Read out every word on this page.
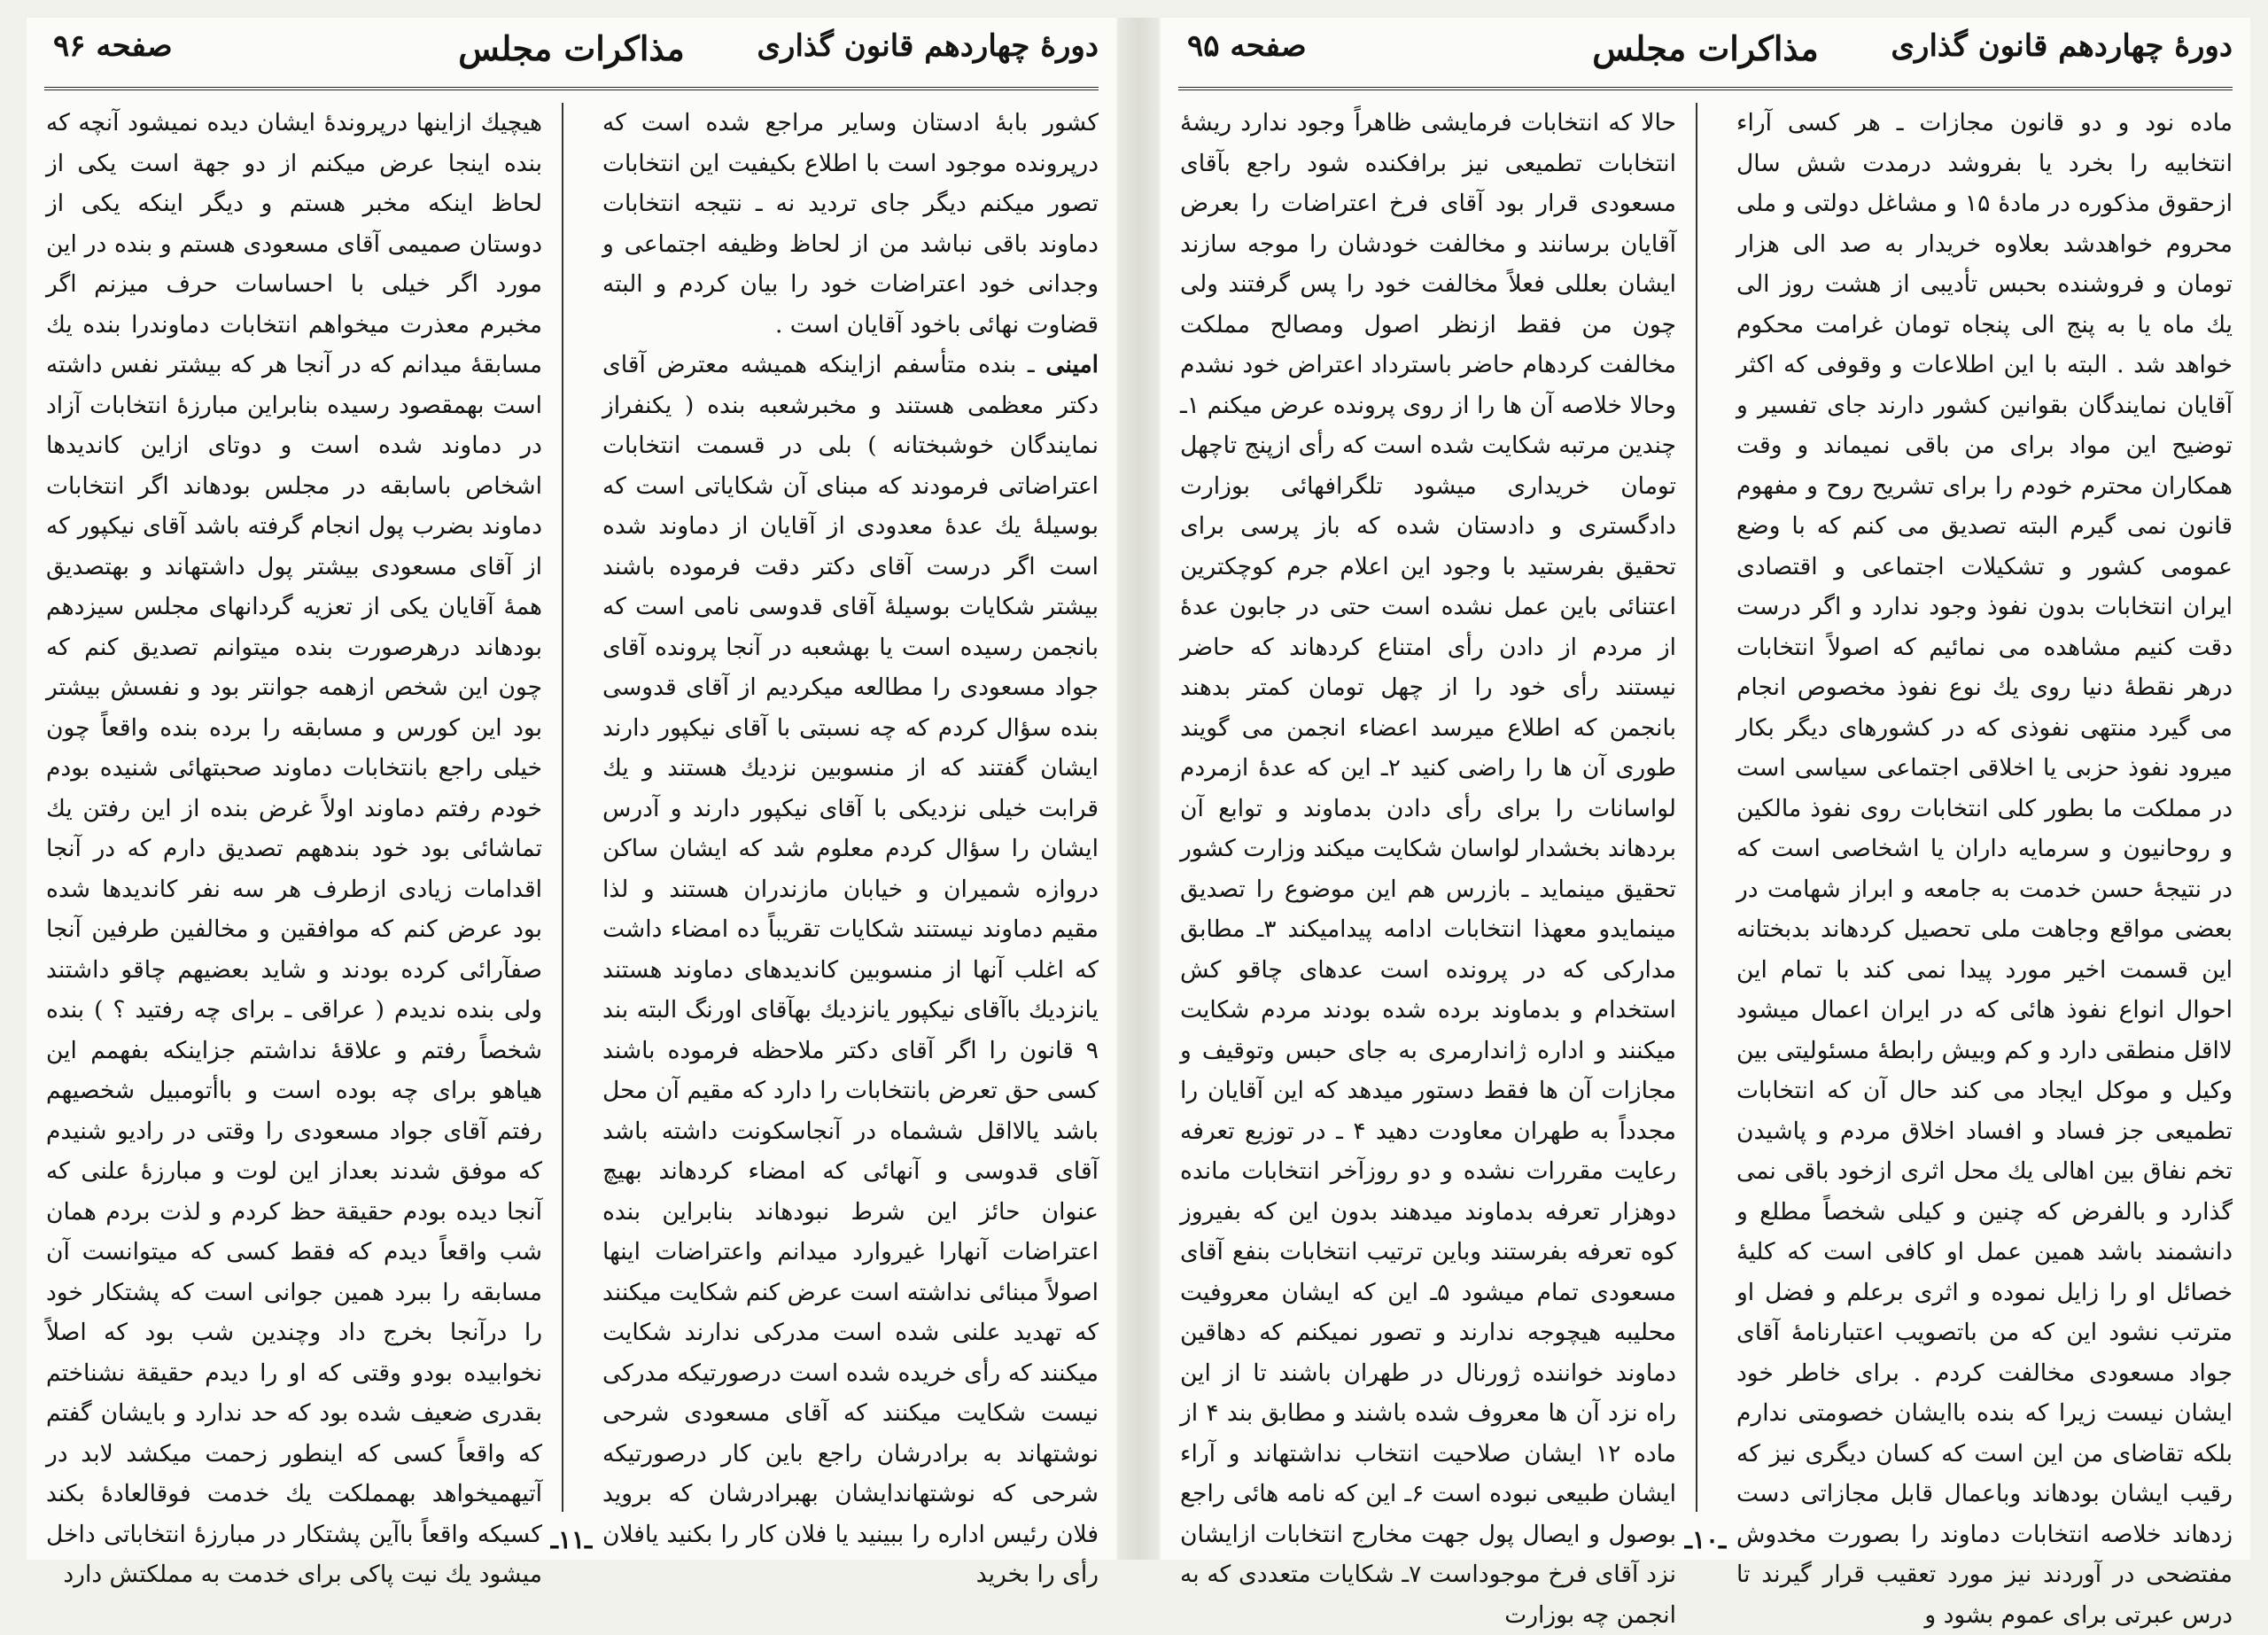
دورهٔ چهاردهم قانون گذاری
مذاکرات مجلس
صفحه ۹۶

کشور بابهٔ ادستان وسایر مراجع شده است که درپرونده موجود است با اطلاع بکیفیت این انتخابات تصور میکنم دیگر جای تردید نه ـ نتیجه انتخابات دماوند باقی نباشد من از لحاظ وظیفه اجتماعی و وجدانی خود اعتراضات خود را بیان کردم و البته قضاوت نهائی باخود آقایان است .

امینی ـ بنده متأسفم ازاینکه همیشه معترض آقای دکتر معظمی هستند و مخبرشعبه بنده ( یکنفراز نمایندگان خوشبختانه ) بلی در قسمت انتخابات اعتراضاتی فرمودند که مبنای آن شکایاتی است که بوسیلهٔ یك عدهٔ معدودی از آقایان از دماوند شده است اگر درست آقای دکتر دقت فرموده باشند بیشتر شکایات بوسیلهٔ آقای قدوسی نامی است که بانجمن رسیده است یا بهشعبه در آنجا پرونده آقای جواد مسعودی را مطالعه میکردیم از آقای قدوسی بنده سؤال کردم که چه نسبتی با آقای نیکپور دارند ایشان گفتند که از منسوبین نزدیك هستند و یك قرابت خیلی نزدیکی با آقای نیکپور دارند و آدرس ایشان را سؤال کردم معلوم شد که ایشان ساکن دروازه شمیران و خیابان مازندران هستند و لذا مقیم دماوند نیستند شکایات تقریباً ده امضاء داشت که اغلب آنها از منسوبین کاندیدهای دماوند هستند یانزدیك باآقای نیکپور یانزدیك بهآقای اورنگ البته بند ۹ قانون را اگر آقای دکتر ملاحظه فرموده باشند کسی حق تعرض بانتخابات را دارد که مقیم آن محل باشد یالااقل ششماه در آنجاسکونت داشته باشد آقای قدوسی و آنهائی که امضاء کردهاند بهیچ عنوان حائز این شرط نبودهاند بنابراین بنده اعتراضات آنهارا غیروارد میدانم واعتراضات اینها اصولاً مبنائی نداشته است عرض کنم شکایت میکنند که تهدید علنی شده است مدرکی ندارند شکایت میکنند که رأی خریده شده است درصورتیکه مدرکی نیست شکایت میکنند که آقای مسعودی شرحی نوشتهاند به برادرشان راجع باین کار درصورتیکه شرحی که نوشتهاندایشان بهبرادرشان که بروید فلان رئیس اداره را ببینید یا فلان کار را بکنید یافلان رأی را بخرید

هیچیك ازاینها درپروندهٔ ایشان دیده نمیشود آنچه که بنده اینجا عرض میکنم از دو جهة است یکی از لحاظ اینکه مخبر هستم و دیگر اینکه یکی از دوستان صمیمی آقای مسعودی هستم و بنده در این مورد اگر خیلی با احساسات حرف میزنم اگر مخبرم معذرت میخواهم انتخابات دماوندرا بنده یك مسابقهٔ میدانم که در آنجا هر که بیشتر نفس داشته است بهمقصود رسیده بنابراین مبارزهٔ انتخابات آزاد در دماوند شده است و دوتای ازاین کاندیدها اشخاص باسابقه در مجلس بودهاند اگر انتخابات دماوند بضرب پول انجام گرفته باشد آقای نیکپور که از آقای مسعودی بیشتر پول داشتهاند و بهتصدیق همهٔ آقایان یکی از تعزیه گردانهای مجلس سیزدهم بودهاند درهرصورت بنده میتوانم تصدیق کنم که چون این شخص ازهمه جوانتر بود و نفسش بیشتر بود این کورس و مسابقه را برده بنده واقعاً چون خیلی راجع بانتخابات دماوند صحبتهائی شنیده بودم خودم رفتم دماوند اولاً غرض بنده از این رفتن یك تماشائی بود خود بندههم تصدیق دارم که در آنجا اقدامات زیادی ازطرف هر سه نفر کاندیدها شده بود عرض کنم که موافقین و مخالفین طرفین آنجا صفآرائی کرده بودند و شاید بعضیهم چاقو داشتند ولی بنده ندیدم ( عراقی ـ برای چه رفتید ؟ ) بنده شخصاً رفتم و علاقهٔ نداشتم جزاینکه بفهمم این هیاهو برای چه بوده است و باأتومبیل شخصیهم رفتم آقای جواد مسعودی را وقتی در رادیو شنیدم که موفق شدند بعداز این لوت و مبارزهٔ علنی که آنجا دیده بودم حقیقة حظ کردم و لذت بردم همان شب واقعاً دیدم که فقط کسی که میتوانست آن مسابقه را ببرد همین جوانی است که پشتکار خود را درآنجا بخرج داد وچندین شب بود که اصلاً نخوابیده بودو وقتی که او را دیدم حقیقة نشناختم بقدری ضعیف شده بود که حد ندارد و بایشان گفتم که واقعاً کسی که اینطور زحمت میکشد لابد در آتیهمیخواهد بهمملکت یك خدمت فوقالعادهٔ بکند کسیکه واقعاً باآین پشتکار در مبارزهٔ انتخاباتی داخل میشود یك نیت پاکی برای خدمت به مملکتش دارد

ـ۱۱ـ
دورهٔ چهاردهم قانون گذاری
مذاکرات مجلس
صفحه ۹۵

ماده نود و دو قانون مجازات ـ هر کسی آراء انتخابیه را بخرد یا بفروشد درمدت شش سال ازحقوق مذکوره در مادهٔ ۱۵ و مشاغل دولتی و ملی محروم خواهدشد بعلاوه خریدار به صد الی هزار تومان و فروشنده بحبس تأدیبی از هشت روز الی یك ماه یا به پنج الی پنجاه تومان غرامت محکوم خواهد شد . البته با این اطلاعات و وقوفی که اکثر آقایان نمایندگان بقوانین کشور دارند جای تفسیر و توضیح این مواد برای من باقی نمیماند و وقت همکاران محترم خودم را برای تشریح روح و مفهوم قانون نمی گیرم البته تصدیق می کنم که با وضع عمومی کشور و تشکیلات اجتماعی و اقتصادی ایران انتخابات بدون نفوذ وجود ندارد و اگر درست دقت کنیم مشاهده می نمائیم که اصولاً انتخابات درهر نقطهٔ دنیا روی یك نوع نفوذ مخصوص انجام می گیرد منتهی نفوذی که در کشورهای دیگر بکار میرود نفوذ حزبی یا اخلاقی اجتماعی سیاسی است در مملکت ما بطور کلی انتخابات روی نفوذ مالکین و روحانیون و سرمایه داران یا اشخاصی است که در نتیجهٔ حسن خدمت به جامعه و ابراز شهامت در بعضی مواقع وجاهت ملی تحصیل کردهاند بدبختانه این قسمت اخیر مورد پیدا نمی کند با تمام این احوال انواع نفوذ هائی که در ایران اعمال میشود لااقل منطقی دارد و کم وبیش رابطهٔ مسئولیتی بین وکیل و موکل ایجاد می کند حال آن که انتخابات تطمیعی جز فساد و افساد اخلاق مردم و پاشیدن تخم نفاق بین اهالی یك محل اثری ازخود باقی نمی گذارد و بالفرض که چنین و کیلی شخصاً مطلع و دانشمند باشد همین عمل او کافی است که کلیهٔ خصائل او را زایل نموده و اثری برعلم و فضل او مترتب نشود این که من باتصویب اعتبارنامهٔ آقای جواد مسعودی مخالفت کردم . برای خاطر خود ایشان نیست زیرا که بنده باایشان خصومتی ندارم بلکه تقاضای من این است که کسان دیگری نیز که رقیب ایشان بودهاند وباعمال قابل مجازاتی دست زدهاند خلاصه انتخابات دماوند را بصورت مخدوش مفتضحی در آوردند نیز مورد تعقیب قرار گیرند تا درس عبرتی برای عموم بشود و

حالا که انتخابات فرمایشی ظاهراً وجود ندارد ریشهٔ انتخابات تطمیعی نیز برافکنده شود راجع بآقای مسعودی قرار بود آقای فرخ اعتراضات را بعرض آقایان برسانند و مخالفت خودشان را موجه سازند ایشان بعللی فعلاً مخالفت خود را پس گرفتند ولی چون من فقط ازنظر اصول ومصالح مملکت مخالفت کردهام حاضر باسترداد اعتراض خود نشدم وحالا خلاصه آن ها را از روی پرونده عرض میکنم ۱ـ چندین مرتبه شکایت شده است که رأی ازپنج تاچهل تومان خریداری میشود تلگرافهائی بوزارت دادگستری و دادستان شده که باز پرسی برای تحقیق بفرستید با وجود این اعلام جرم کوچکترین اعتنائی باین عمل نشده است حتی در جابون عدهٔ از مردم از دادن رأی امتناع کردهاند که حاضر نیستند رأی خود را از چهل تومان کمتر بدهند بانجمن که اطلاع میرسد اعضاء انجمن می گویند طوری آن ها را راضی کنید ۲ـ این که عدهٔ ازمردم لواسانات را برای رأی دادن بدماوند و توابع آن بردهاند بخشدار لواسان شکایت میکند وزارت کشور تحقیق مینماید ـ بازرس هم این موضوع را تصدیق مینمایدو معهذا انتخابات ادامه پیدامیکند ۳ـ مطابق مدارکی که در پرونده است عدهای چاقو کش استخدام و بدماوند برده شده بودند مردم شکایت میکنند و اداره ژاندارمری به جای حبس وتوقیف و مجازات آن ها فقط دستور میدهد که این آقایان را مجدداً به طهران معاودت دهید ۴ ـ در توزیع تعرفه رعایت مقررات نشده و دو روزآخر انتخابات مانده دوهزار تعرفه بدماوند میدهند بدون این که بفیروز کوه تعرفه بفرستند وباین ترتیب انتخابات بنفع آقای مسعودی تمام میشود ۵ـ این که ایشان معروفیت محلیبه هیچوجه ندارند و تصور نمیکنم که دهاقین دماوند خواننده ژورنال در طهران باشند تا از این راه نزد آن ها معروف شده باشند و مطابق بند ۴ از ماده ۱۲ ایشان صلاحیت انتخاب نداشتهاند و آراء ایشان طبیعی نبوده است ۶ـ این که نامه هائی راجع بوصول و ایصال پول جهت مخارج انتخابات ازایشان نزد آقای فرخ موجوداست ۷ـ شکایات متعددی که به انجمن چه بوزارت

ـ۱۰ـ
